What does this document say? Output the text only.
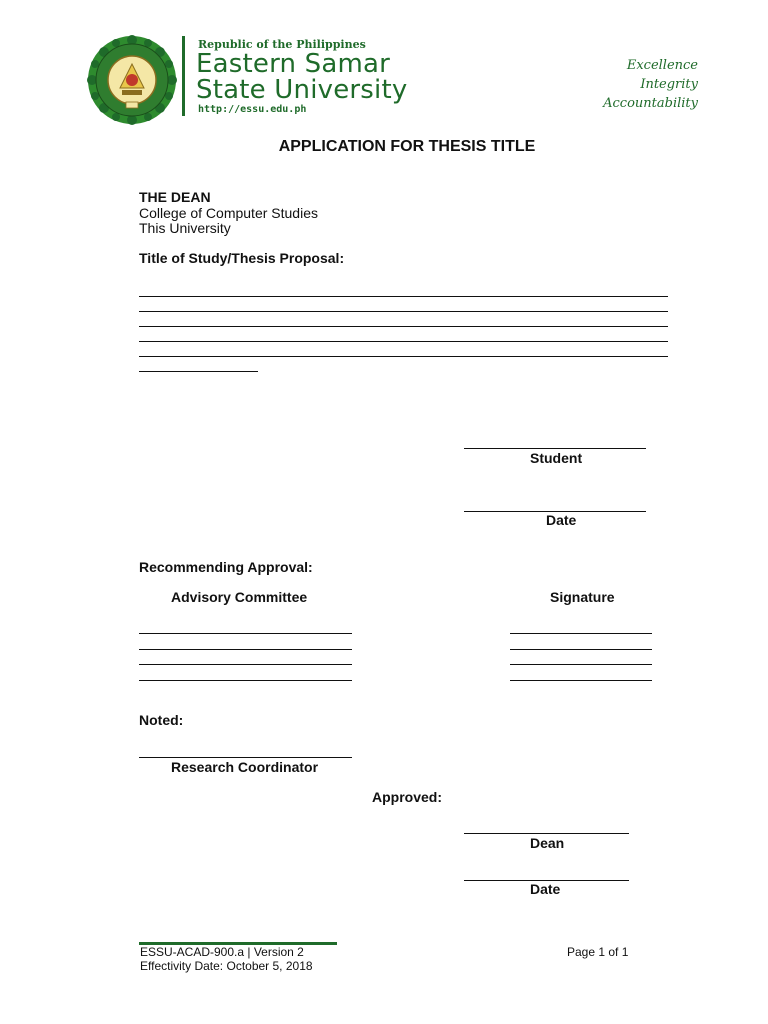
Republic of the Philippines
Eastern Samar
State University
http://essu.edu.ph
Excellence
Integrity
Accountability
APPLICATION FOR THESIS TITLE
THE DEAN
College of Computer Studies
This University
Title of Study/Thesis Proposal:
Student
Date
Recommending Approval:
Advisory Committee	Signature
Noted:
Research Coordinator
Approved:
Dean
Date
ESSU-ACAD-900.a | Version 2
Effectivity Date: October 5, 2018
Page 1 of 1
